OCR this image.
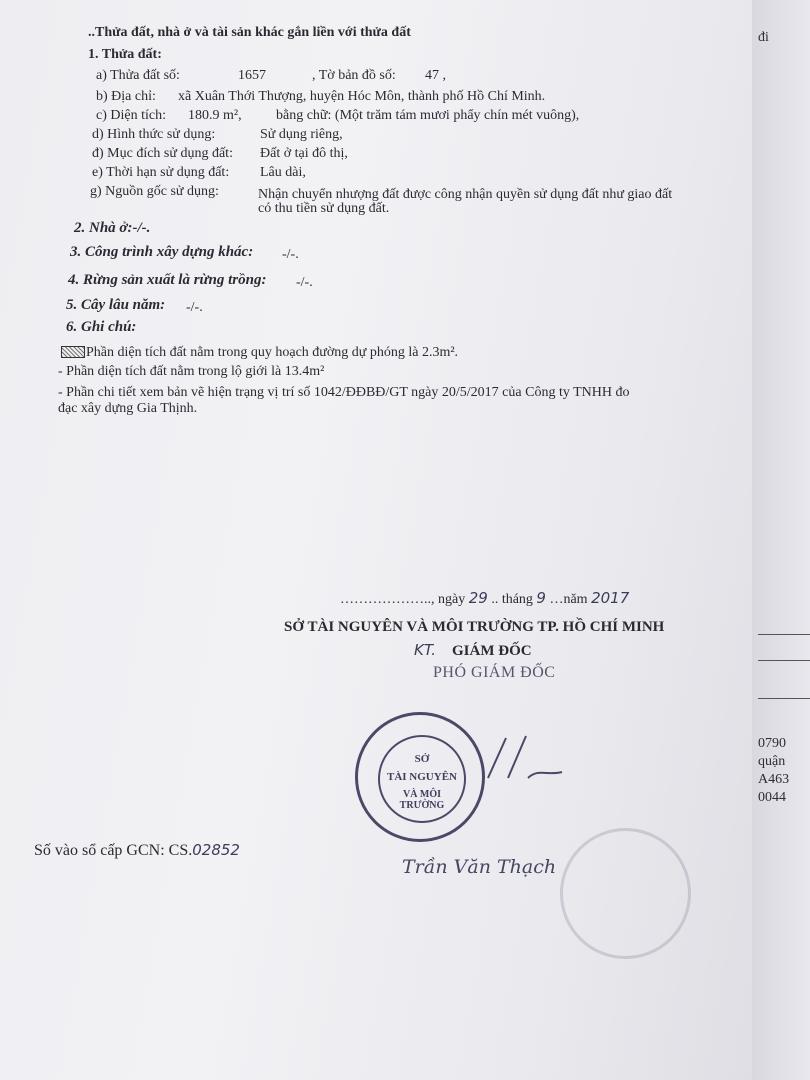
..Thửa đất, nhà ở và tài sản khác gắn liền với thửa đất
1. Thửa đất:
a) Thửa đất số:	1657	, Tờ bản đồ số: 47 ,
b) Địa chỉ: xã Xuân Thới Thượng, huyện Hóc Môn, thành phố Hồ Chí Minh.
c) Diện tích: 180.9 m², bằng chữ: (Một trăm tám mươi phẩy chín mét vuông),
d) Hình thức sử dụng:	Sử dụng riêng,
đ) Mục đích sử dụng đất: Đất ở tại đô thị,
e) Thời hạn sử dụng đất: Lâu dài,
g) Nguồn gốc sử dụng:	Nhận chuyển nhượng đất được công nhận quyền sử dụng đất như giao đất
có thu tiền sử dụng đất.
2. Nhà ở:-/-.
3. Công trình xây dựng khác: -/-.
4. Rừng sản xuất là rừng trồng: -/-.
5. Cây lâu năm: -/-.
6. Ghi chú:
Phần diện tích đất nằm trong quy hoạch đường dự phóng là 2.3m².
- Phần diện tích đất nằm trong lộ giới là 13.4m²
- Phần chi tiết xem bản vẽ hiện trạng vị trí số 1042/ĐĐBĐ/GT ngày 20/5/2017 của Công ty TNHH đo
đạc xây dựng Gia Thịnh.
……………….., ngày 29 .. tháng 9 …năm 2017
SỞ TÀI NGUYÊN VÀ MÔI TRƯỜNG TP. HỒ CHÍ MINH
KT. GIÁM ĐỐC
PHÓ GIÁM ĐỐC
SỞ
TÀI NGUYÊN
VÀ MÔI TRƯỜNG
Trần Văn Thạch
Số vào sổ cấp GCN: CS.02852
đi
0790
quận
A463
0044
